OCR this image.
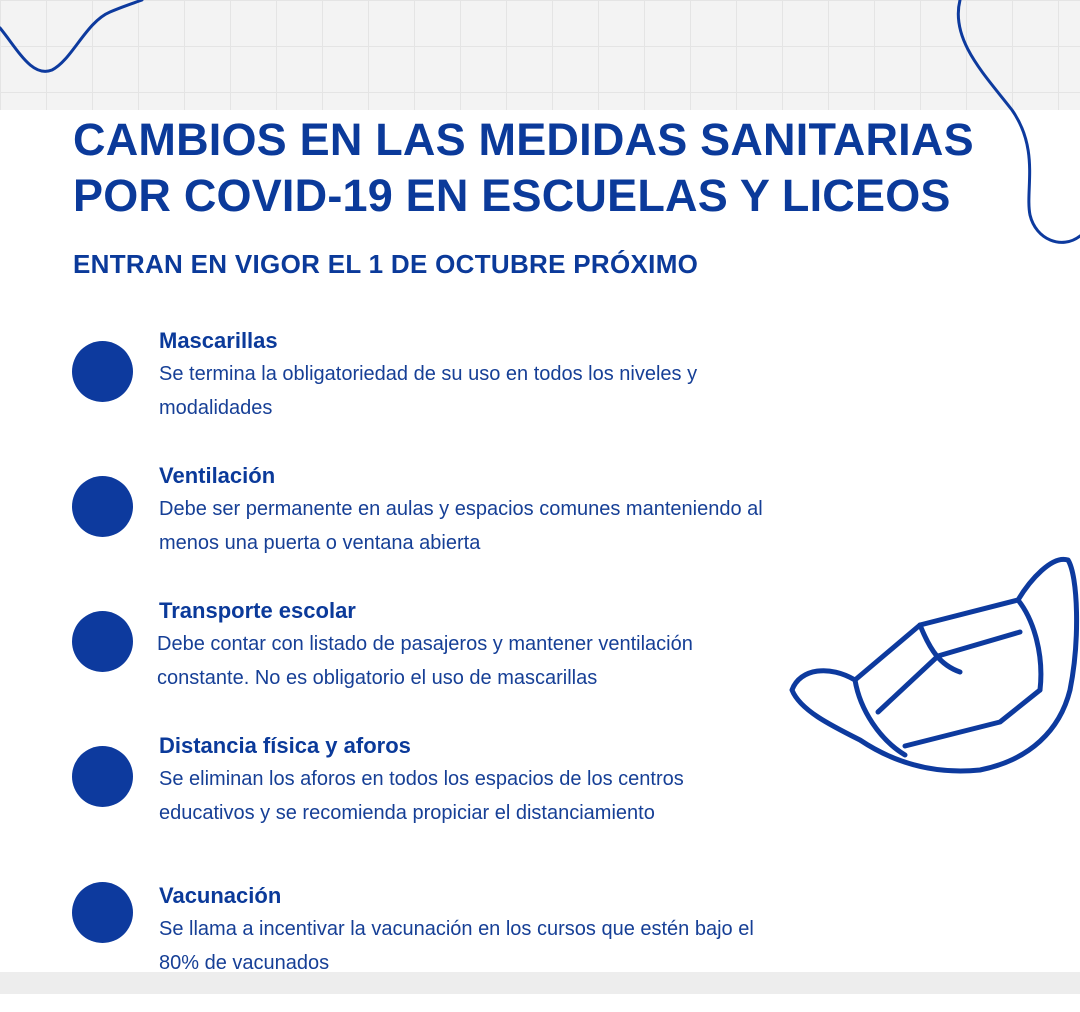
CAMBIOS EN LAS MEDIDAS SANITARIAS
POR COVID-19 EN ESCUELAS Y LICEOS
ENTRAN EN VIGOR EL 1 DE OCTUBRE PRÓXIMO
Mascarillas

Se termina la obligatoriedad de su uso en todos los niveles y
modalidades

Ventilación

Debe ser permanente en aulas y espacios comunes manteniendo al
menos una puerta o ventana abierta

Transporte escolar

Debe contar con listado de pasajeros y mantener ventilación
constante. No es obligatorio el uso de mascarillas

Distancia física y aforos

Se eliminan los aforos en todos los espacios de los centros
educativos y se recomienda propiciar el distanciamiento

Vacunación

Se llama a incentivar la vacunación en los cursos que estén bajo el
80% de vacunados
